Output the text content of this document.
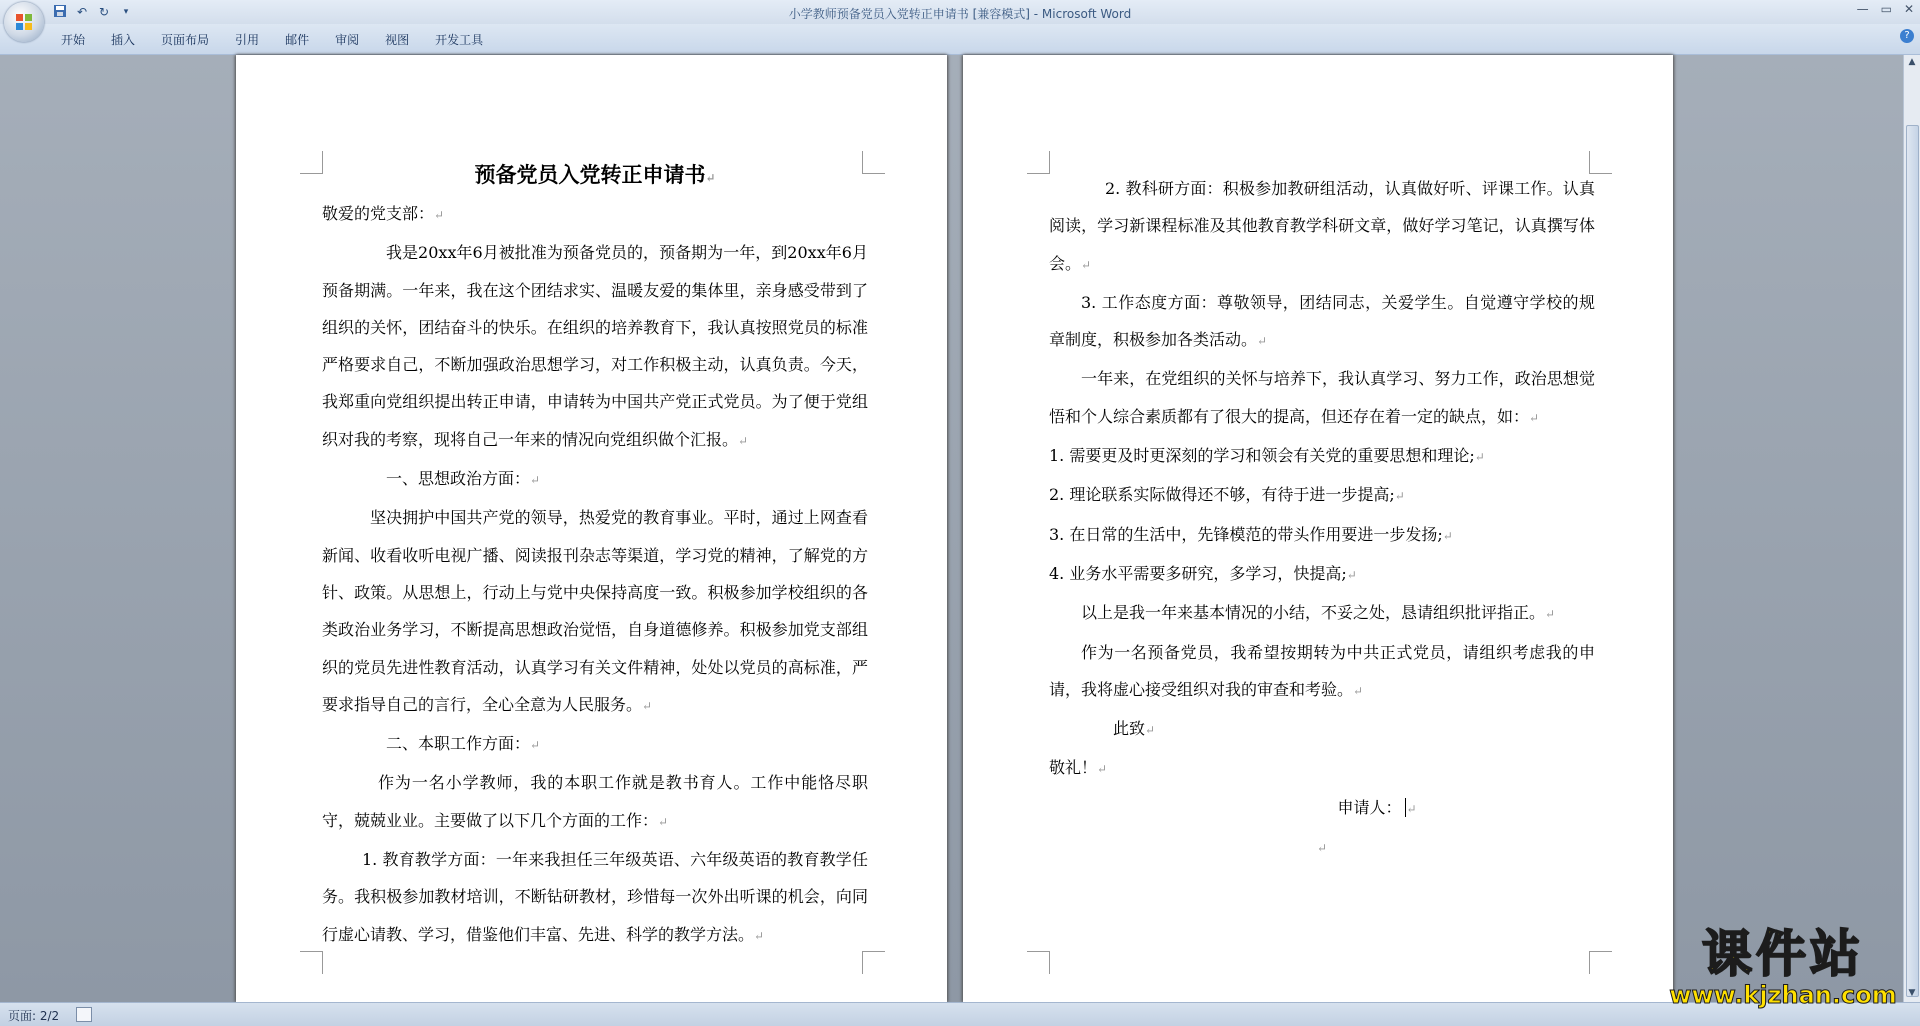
↶ ↻	▾	小学教师预备党员入党转正申请书 [兼容模式] - Microsoft Word	— ▭ ✕
开始	插入	页面布局	引用	邮件	审阅	视图	开发工具	?

预备党员入党转正申请书↵

敬爱的党支部：↵

我是20xx年6月被批准为预备党员的，预备期为一年，到20xx年6月预备期满。一年来，我在这个团结求实、温暖友爱的集体里，亲身感受带到了组织的关怀，团结奋斗的快乐。在组织的培养教育下，我认真按照党员的标准严格要求自己，不断加强政治思想学习，对工作积极主动，认真负责。今天，我郑重向党组织提出转正申请，申请转为中国共产党正式党员。为了便于党组织对我的考察，现将自己一年来的情况向党组织做个汇报。↵

一、思想政治方面：↵

坚决拥护中国共产党的领导，热爱党的教育事业。平时，通过上网查看新闻、收看收听电视广播、阅读报刊杂志等渠道，学习党的精神，了解党的方针、政策。从思想上，行动上与党中央保持高度一致。积极参加学校组织的各类政治业务学习，不断提高思想政治觉悟，自身道德修养。积极参加党支部组织的党员先进性教育活动，认真学习有关文件精神，处处以党员的高标准，严要求指导自己的言行，全心全意为人民服务。↵

二、本职工作方面：↵

作为一名小学教师，我的本职工作就是教书育人。工作中能恪尽职守，兢兢业业。主要做了以下几个方面的工作：↵

1. 教育教学方面：一年来我担任三年级英语、六年级英语的教育教学任务。我积极参加教材培训，不断钻研教材，珍惜每一次外出听课的机会，向同行虚心请教、学习，借鉴他们丰富、先进、科学的教学方法。↵

2. 教科研方面：积极参加教研组活动，认真做好听、评课工作。认真阅读，学习新课程标准及其他教育教学科研文章，做好学习笔记，认真撰写体会。↵

3. 工作态度方面：尊敬领导，团结同志，关爱学生。自觉遵守学校的规章制度，积极参加各类活动。↵

一年来，在党组织的关怀与培养下，我认真学习、努力工作，政治思想觉悟和个人综合素质都有了很大的提高，但还存在着一定的缺点，如：↵

1. 需要更及时更深刻的学习和领会有关党的重要思想和理论;↵

2. 理论联系实际做得还不够，有待于进一步提高;↵

3. 在日常的生活中，先锋模范的带头作用要进一步发扬;↵

4. 业务水平需要多研究，多学习，快提高;↵

以上是我一年来基本情况的小结，不妥之处，恳请组织批评指正。↵

作为一名预备党员，我希望按期转为中共正式党员，请组织考虑我的申请，我将虚心接受组织对我的审查和考验。↵

此致↵

敬礼！↵

申请人： ↵

↵

▲
▼
页面: 2/2
课件站
www.kjzhan.com
